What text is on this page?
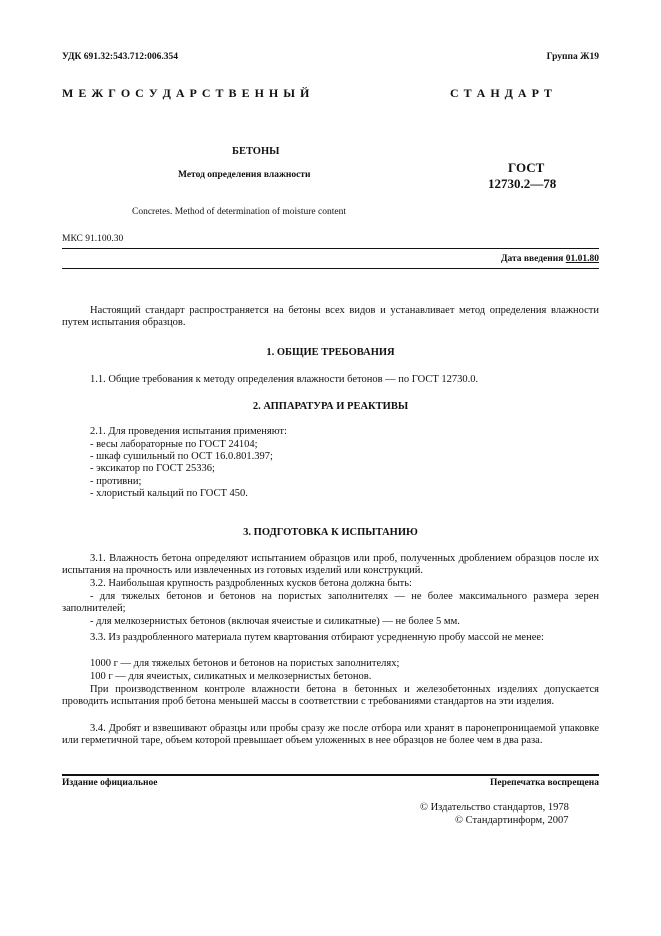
УДК 691.32:543.712:006.354	Группа Ж19
М Е Ж Г О С У Д А Р С Т В Е Н Н Ы Й	С Т А Н Д А Р Т
БЕТОНЫ
Метод определения влажности	ГОСТ
12730.2—78
Concretes. Method of determination of moisture content
МКС 91.100.30
Дата введения 01.01.80
Настоящий стандарт распространяется на бетоны всех видов и устанавливает метод определения влажности путем испытания образцов.
1. ОБЩИЕ ТРЕБОВАНИЯ
1.1. Общие требования к методу определения влажности бетонов — по ГОСТ 12730.0.
2. АППАРАТУРА И РЕАКТИВЫ
2.1. Для проведения испытания применяют:
- весы лабораторные по ГОСТ 24104;
- шкаф сушильный по ОСТ 16.0.801.397;
- эксикатор по ГОСТ 25336;
- противни;
- хлористый кальций по ГОСТ 450.
3. ПОДГОТОВКА К ИСПЫТАНИЮ
3.1. Влажность бетона определяют испытанием образцов или проб, полученных дроблением образцов после их испытания на прочность или извлеченных из готовых изделий или конструкций.
3.2. Наибольшая крупность раздробленных кусков бетона должна быть:
- для тяжелых бетонов и бетонов на пористых заполнителях — не более максимального размера зерен заполнителей;
- для мелкозернистых бетонов (включая ячеистые и силикатные) — не более 5 мм.
3.3. Из раздробленного материала путем квартования отбирают усредненную пробу массой не менее:
1000 г — для тяжелых бетонов и бетонов на пористых заполнителях;
100 г — для ячеистых, силикатных и мелкозернистых бетонов.
При производственном контроле влажности бетона в бетонных и железобетонных изделиях допускается проводить испытания проб бетона меньшей массы в соответствии с требованиями стандартов на эти изделия.
3.4. Дробят и взвешивают образцы или пробы сразу же после отбора или хранят в паронепроницаемой упаковке или герметичной таре, объем которой превышает объем уложенных в нее образцов не более чем в два раза.
Издание официальное	Перепечатка воспрещена
© Издательство стандартов, 1978
© Стандартинформ, 2007
